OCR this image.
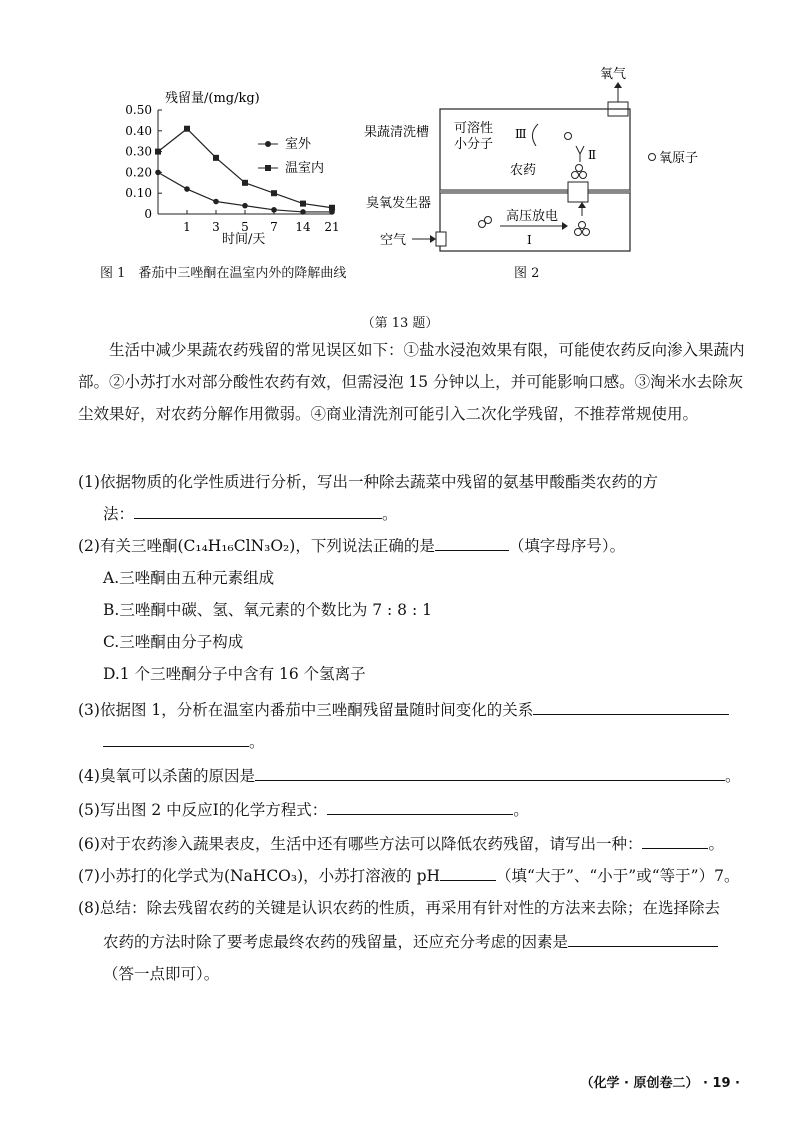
残留量/(mg/kg)
0.50
0.40
0.30
0.20
0.10
0
1 3 5 7 14 21
室外
温室内
时间/天
图 1　番茄中三唑酮在温室内外的降解曲线
氧气
果蔬清洗槽 可溶性
小分子
Ⅲ
农药
Ⅱ	氧原子
臭氧发生器
空气
高压放电
Ⅰ
图 2
（第 13 题）
生活中减少果蔬农药残留的常见误区如下：①盐水浸泡效果有限，可能使农药反向渗入果蔬内部。②小苏打水对部分酸性农药有效，但需浸泡 15 分钟以上，并可能影响口感。③淘米水去除灰尘效果好，对农药分解作用微弱。④商业清洗剂可能引入二次化学残留，不推荐常规使用。
(1)依据物质的化学性质进行分析，写出一种除去蔬菜中残留的氨基甲酸酯类农药的方
法：	。
(2)有关三唑酮(C₁₄H₁₆ClN₃O₂)，下列说法正确的是	（填字母序号）。
A.三唑酮由五种元素组成
B.三唑酮中碳、氢、氧元素的个数比为 7 : 8 : 1
C.三唑酮由分子构成
D.1 个三唑酮分子中含有 16 个氢离子
(3)依据图 1，分析在温室内番茄中三唑酮残留量随时间变化的关系
。
(4)臭氧可以杀菌的原因是	。
(5)写出图 2 中反应Ⅰ的化学方程式：	。
(6)对于农药渗入蔬果表皮，生活中还有哪些方法可以降低农药残留，请写出一种：	。
(7)小苏打的化学式为(NaHCO₃)，小苏打溶液的 pH	（填“大于”、“小于”或“等于”）7。
(8)总结：除去残留农药的关键是认识农药的性质，再采用有针对性的方法来去除；在选择除去
农药的方法时除了要考虑最终农药的残留量，还应充分考虑的因素是
（答一点即可）。
（化学 · 原创卷二） · 19 ·
